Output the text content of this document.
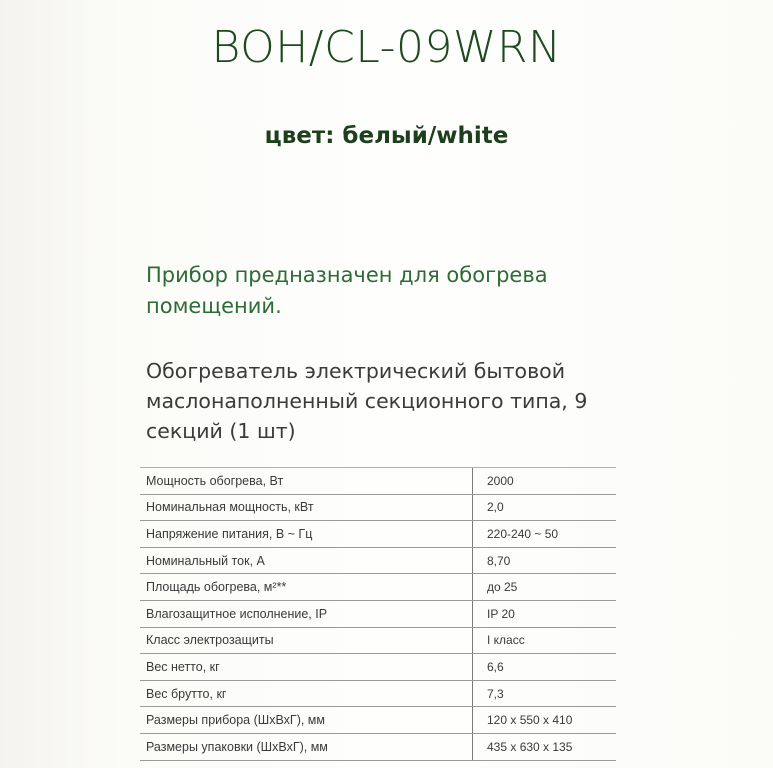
BOH/CL-09WRN
цвет: белый/white
Прибор предназначен для обогрева помещений.
Обогреватель электрический бытовой маслонаполненный секционного типа, 9 секций (1 шт)
Мощность обогрева, Вт	2000
Номинальная мощность, кВт	2,0
Напряжение питания, В ~ Гц	220-240 ~ 50
Номинальный ток, А	8,70
Площадь обогрева, м²**	до 25
Влагозащитное исполнение, IP	IP 20
Класс электрозащиты	I класс
Вес нетто, кг	6,6
Вес брутто, кг	7,3
Размеры прибора (ШхВхГ), мм	120 x 550 x 410
Размеры упаковки (ШхВхГ), мм	435 x 630 x 135
